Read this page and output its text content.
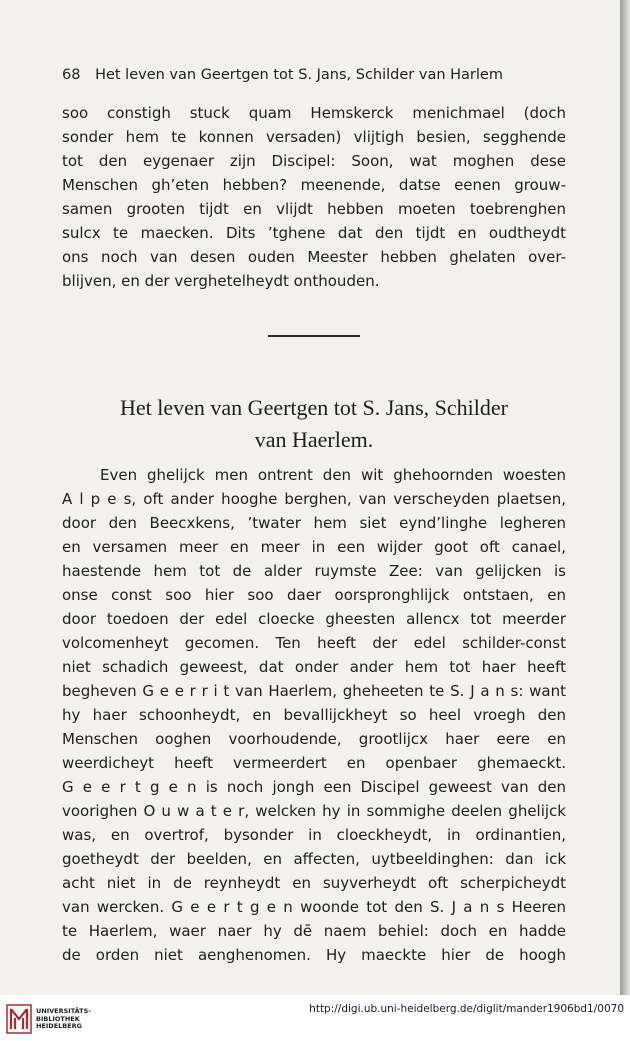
68 Het leven van Geertgen tot S. Jans, Schilder van Harlem
soo constigh stuck quam Hemskerck menichmael (doch
sonder hem te konnen versaden) vlijtigh besien, segghende
tot den eygenaer zijn Discipel: Soon, wat moghen dese
Menschen gh’eten hebben? meenende, datse eenen grouw-
samen grooten tijdt en vlijdt hebben moeten toebrenghen
sulcx te maecken. Dits ’tghene dat den tijdt en oudtheydt
ons noch van desen ouden Meester hebben ghelaten over-
blijven, en der verghetelheydt onthouden.
Het leven van Geertgen tot S. Jans, Schilder
van Haerlem.
Even ghelijck men ontrent den wit ghehoornden woesten
A l p e s, oft ander hooghe berghen, van verscheyden plaetsen,
door den Beecxkens, ’twater hem siet eynd’linghe legheren
en versamen meer en meer in een wijder goot oft canael,
haestende hem tot de alder ruymste Zee: van gelijcken is
onse const soo hier soo daer oorspronghlijck ontstaen, en
door toedoen der edel cloecke gheesten allencx tot meerder
volcomenheyt gecomen. Ten heeft der edel schilder-const
niet schadich geweest, dat onder ander hem tot haer heeft
begheven G e e r r i t van Haerlem, gheheeten te S. J a n s: want
hy haer schoonheydt, en bevallijckheyt so heel vroegh den
Menschen ooghen voorhoudende, grootlijcx haer eere en
weerdicheyt heeft vermeerdert en openbaer ghemaeckt.
G e e r t g e n is noch jongh een Discipel geweest van den
voorighen O u w a t e r, welcken hy in sommighe deelen ghelijck
was, en overtrof, bysonder in cloeckheydt, in ordinantien,
goetheydt der beelden, en affecten, uytbeeldinghen: dan ick
acht niet in de reynheydt en suyverheydt oft scherpicheydt
van wercken. G e e r t g e n woonde tot den S. J a n s Heeren
te Haerlem, waer naer hy dē naem behiel: doch en hadde
de orden niet aenghenomen. Hy maeckte hier de hoogh
UNIVERSITÄTS-
BIBLIOTHEK
HEIDELBERG
http://digi.ub.uni-heidelberg.de/diglit/mander1906bd1/0070
